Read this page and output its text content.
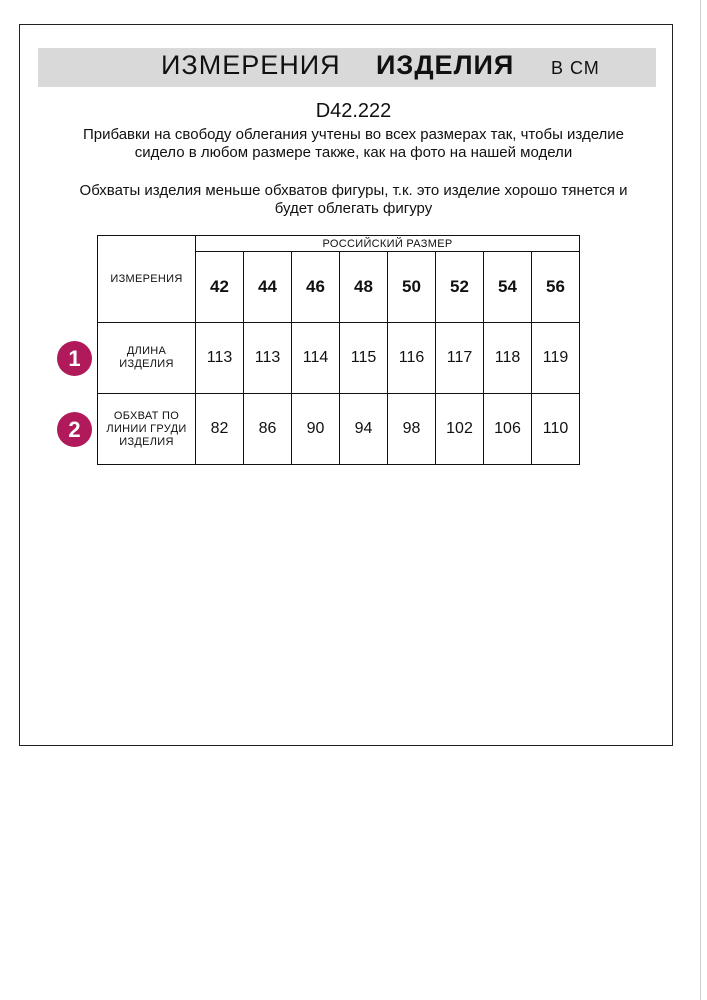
ИЗМЕРЕНИЯ ИЗДЕЛИЯ В СМ
D42.222
Прибавки на свободу облегания учтены во всех размерах так, чтобы изделие сидело в любом размере также, как на фото на нашей модели
Обхваты изделия меньше обхватов фигуры, т.к. это изделие хорошо тянется и будет облегать фигуру
ИЗМЕРЕНИЯ	РОССИЙСКИЙ РАЗМЕР							
	42	44	46	48	50	52	54	56

ДЛИНА
ИЗДЕЛИЯ	113	113	114	115	116	117	118	119

ОБХВАТ ПО
ЛИНИИ ГРУДИ
ИЗДЕЛИЯ	82	86	90	94	98	102	106	110
1
2
